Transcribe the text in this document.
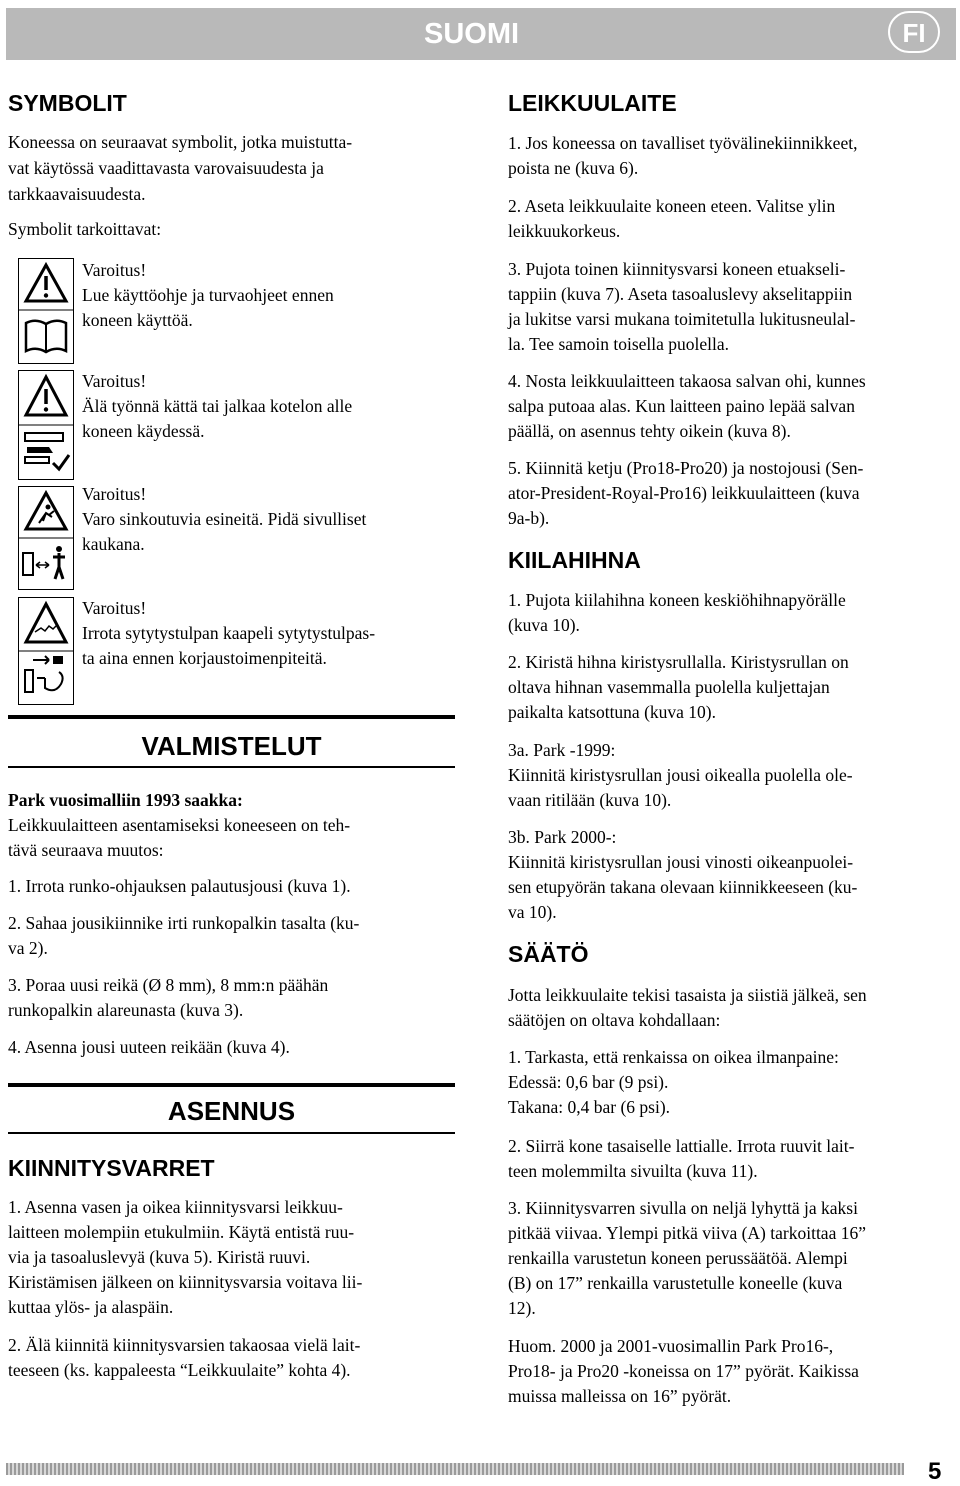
SUOMI	FI
SYMBOLIT

Koneessa on seuraavat symbolit, jotka muistutta-

vat käytössä vaadittavasta varovaisuudesta ja

tarkkaavaisuudesta.

Symbolit tarkoittavat:

Varoitus!

Lue käyttöohje ja turvaohjeet ennen

koneen käyttöä.

Varoitus!

Älä työnnä kättä tai jalkaa kotelon alle

koneen käydessä.

Varoitus!

Varo sinkoutuvia esineitä. Pidä sivulliset

kaukana.

Varoitus!

Irrota sytytystulpan kaapeli sytytystulpas-

ta aina ennen korjaustoimenpiteitä.

VALMISTELUT

Park vuosimalliin 1993 saakka:

Leikkuulaitteen asentamiseksi koneeseen on teh-

tävä seuraava muutos:

1. Irrota runko-ohjauksen palautusjousi (kuva 1).

2. Sahaa jousikiinnike irti runkopalkin tasalta (ku-

va 2).

3. Poraa uusi reikä (Ø 8 mm), 8 mm:n päähän

runkopalkin alareunasta (kuva 3).

4. Asenna jousi uuteen reikään (kuva 4).

ASENNUS
KIINNITYSVARRET

1. Asenna vasen ja oikea kiinnitysvarsi leikkuu-

laitteen molempiin etukulmiin. Käytä entistä ruu-

via ja tasoaluslevyä (kuva 5). Kiristä ruuvi.

Kiristämisen jälkeen on kiinnitysvarsia voitava lii-

kuttaa ylös- ja alaspäin.

2. Älä kiinnitä kiinnitysvarsien takaosaa vielä lait-

teeseen (ks. kappaleesta “Leikkuulaite” kohta 4).

LEIKKUULAITE

1. Jos koneessa on tavalliset työvälinekiinnikkeet,

poista ne (kuva 6).

2. Aseta leikkuulaite koneen eteen. Valitse ylin

leikkuukorkeus.

3. Pujota toinen kiinnitysvarsi koneen etuakseli-

tappiin (kuva 7). Aseta tasoaluslevy akselitappiin

ja lukitse varsi mukana toimitetulla lukitusneulal-

la. Tee samoin toisella puolella.

4. Nosta leikkuulaitteen takaosa salvan ohi, kunnes

salpa putoaa alas. Kun laitteen paino lepää salvan

päällä, on asennus tehty oikein (kuva 8).

5. Kiinnitä ketju (Pro18-Pro20) ja nostojousi (Sen-

ator-President-Royal-Pro16) leikkuulaitteen (kuva

9a-b).

KIILAHIHNA

1. Pujota kiilahihna koneen keskiöhihnapyörälle

(kuva 10).

2. Kiristä hihna kiristysrullalla. Kiristysrullan on

oltava hihnan vasemmalla puolella kuljettajan

paikalta katsottuna (kuva 10).

3a. Park -1999:

Kiinnitä kiristysrullan jousi oikealla puolella ole-

vaan ritilään (kuva 10).

3b. Park 2000-:

Kiinnitä kiristysrullan jousi vinosti oikeanpuolei-

sen etupyörän takana olevaan kiinnikkeeseen (ku-

va 10).

SÄÄTÖ

Jotta leikkuulaite tekisi tasaista ja siistiä jälkeä, sen

säätöjen on oltava kohdallaan:

1. Tarkasta, että renkaissa on oikea ilmanpaine:

Edessä: 0,6 bar (9 psi).

Takana: 0,4 bar (6 psi).

2. Siirrä kone tasaiselle lattialle. Irrota ruuvit lait-

teen molemmilta sivuilta (kuva 11).

3. Kiinnitysvarren sivulla on neljä lyhyttä ja kaksi

pitkää viivaa. Ylempi pitkä viiva (A) tarkoittaa 16”

renkailla varustetun koneen perussäätöä. Alempi

(B) on 17” renkailla varustetulle koneelle (kuva

12).

Huom. 2000 ja 2001-vuosimallin Park Pro16-,

Pro18- ja Pro20 -koneissa on 17” pyörät. Kaikissa

muissa malleissa on 16” pyörät.

5
